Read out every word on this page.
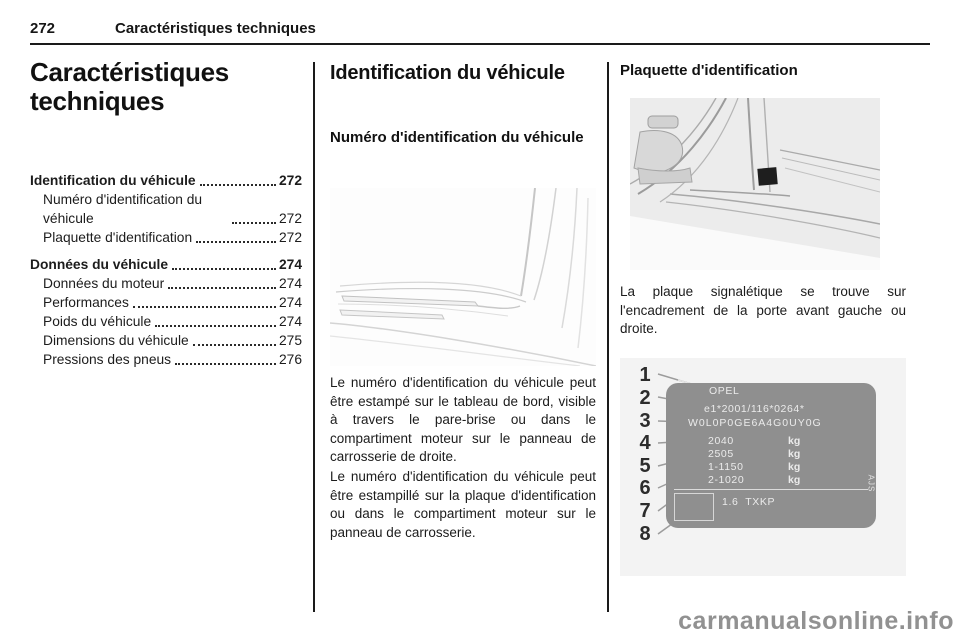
272	Caractéristiques techniques
Caractéristiques techniques
Identification du véhicule	272
Numéro d'identification du véhicule	272
Plaquette d'identification	272
Données du véhicule	274
Données du moteur	274
Performances	274
Poids du véhicule	274
Dimensions du véhicule	275
Pressions des pneus	276
Identification du véhicule
Numéro d'identification du véhicule

Le numéro d'identification du véhicule peut être estampé sur le tableau de bord, visible à travers le pare-brise ou dans le compartiment moteur sur le panneau de carrosserie de droite.

Le numéro d'identification du véhicule peut être estampillé sur la plaque d'identification ou dans le compartiment moteur sur le panneau de carrosserie.

Plaquette d'identification

La plaque signalétique se trouve sur l'encadrement de la porte avant gauche ou droite.

1
2
3
4
5
6
7
8
OPEL
e1*2001/116*0264*
W0L0P0GE6A4G0UY0G
2040	kg
2505	kg
1-1150	kg
2-1020	kg
1.6  TXKP
AJS
carmanualsonline.info
